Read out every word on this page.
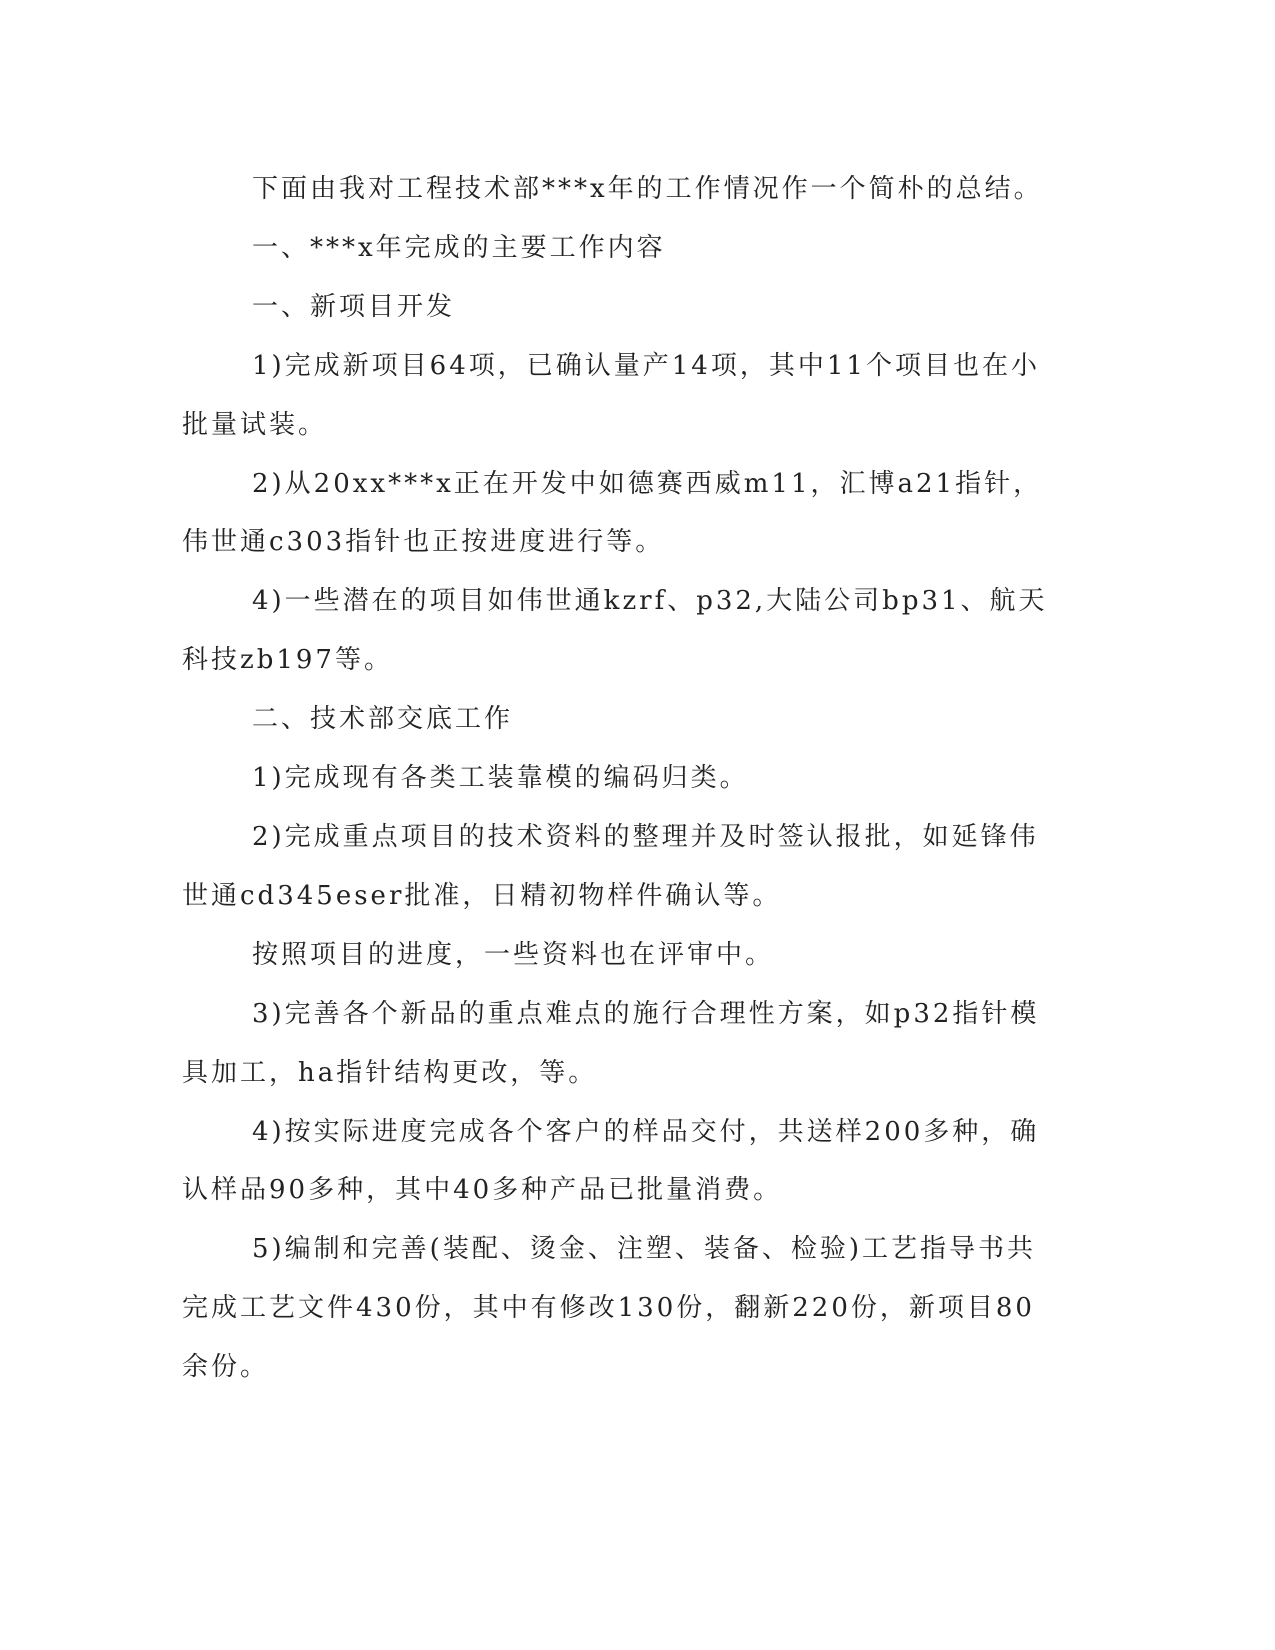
下面由我对工程技术部***x年的工作情况作一个简朴的总结。

一、***x年完成的主要工作内容

一、新项目开发

1)完成新项目64项，已确认量产14项，其中11个项目也在小批量试装。

2)从20xx***x正在开发中如德赛西威m11，汇博a21指针，伟世通c303指针也正按进度进行等。

4)一些潜在的项目如伟世通kzrf、p32,大陆公司bp31、航天科技zb197等。

二、技术部交底工作

1)完成现有各类工装靠模的编码归类。

2)完成重点项目的技术资料的整理并及时签认报批，如延锋伟世通cd345eser批准，日精初物样件确认等。

按照项目的进度，一些资料也在评审中。

3)完善各个新品的重点难点的施行合理性方案，如p32指针模具加工，ha指针结构更改，等。

4)按实际进度完成各个客户的样品交付，共送样200多种，确认样品90多种，其中40多种产品已批量消费。

5)编制和完善(装配、烫金、注塑、装备、检验)工艺指导书共完成工艺文件430份，其中有修改130份，翻新220份，新项目80余份。
